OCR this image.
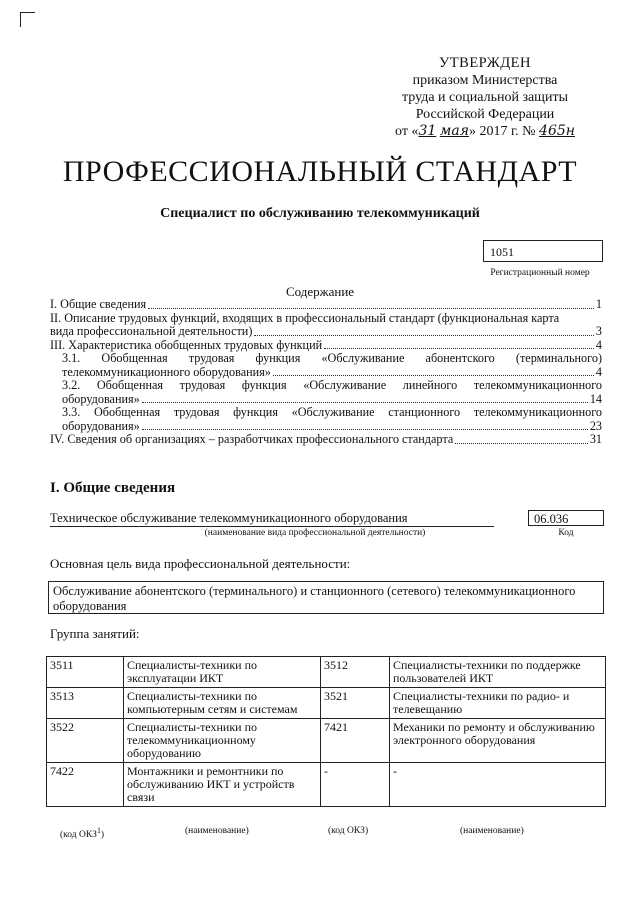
УТВЕРЖДЕН
приказом Министерства
труда и социальной защиты
Российской Федерации
от «31 мая» 2017 г. № 465н
ПРОФЕССИОНАЛЬНЫЙ СТАНДАРТ
Специалист по обслуживанию телекоммуникаций
1051
Регистрационный номер
Содержание
I. Общие сведения	1
II. Описание трудовых функций, входящих в профессиональный стандарт (функциональная карта
вида профессиональной деятельности)	3
III. Характеристика обобщенных трудовых функций	4
3.1. Обобщенная трудовая функция «Обслуживание абонентского (терминального)
телекоммуникационного оборудования»	4
3.2. Обобщенная трудовая функция «Обслуживание линейного телекоммуникационного
оборудования»	14
3.3. Обобщенная трудовая функция «Обслуживание станционного телекоммуникационного
оборудования»	23
IV. Сведения об организациях – разработчиках профессионального стандарта	31
I. Общие сведения
Техническое обслуживание телекоммуникационного оборудования
(наименование вида профессиональной деятельности)
06.036
Код
Основная цель вида профессиональной деятельности:
Обслуживание абонентского (терминального) и станционного (сетевого) телекоммуникационного оборудования
Группа занятий:
3511	Специалисты-техники по эксплуатации ИКТ	3512	Специалисты-техники по поддержке пользователей ИКТ
3513	Специалисты-техники по компьютерным сетям и системам	3521	Специалисты-техники по радио- и телевещанию
3522	Специалисты-техники по телекоммуникационному оборудованию	7421	Механики по ремонту и обслуживанию электронного оборудования
7422	Монтажники и ремонтники по обслуживанию ИКТ и устройств связи	-	-
(код ОКЗ$^1$)	(наименование)	(код ОКЗ)	(наименование)
